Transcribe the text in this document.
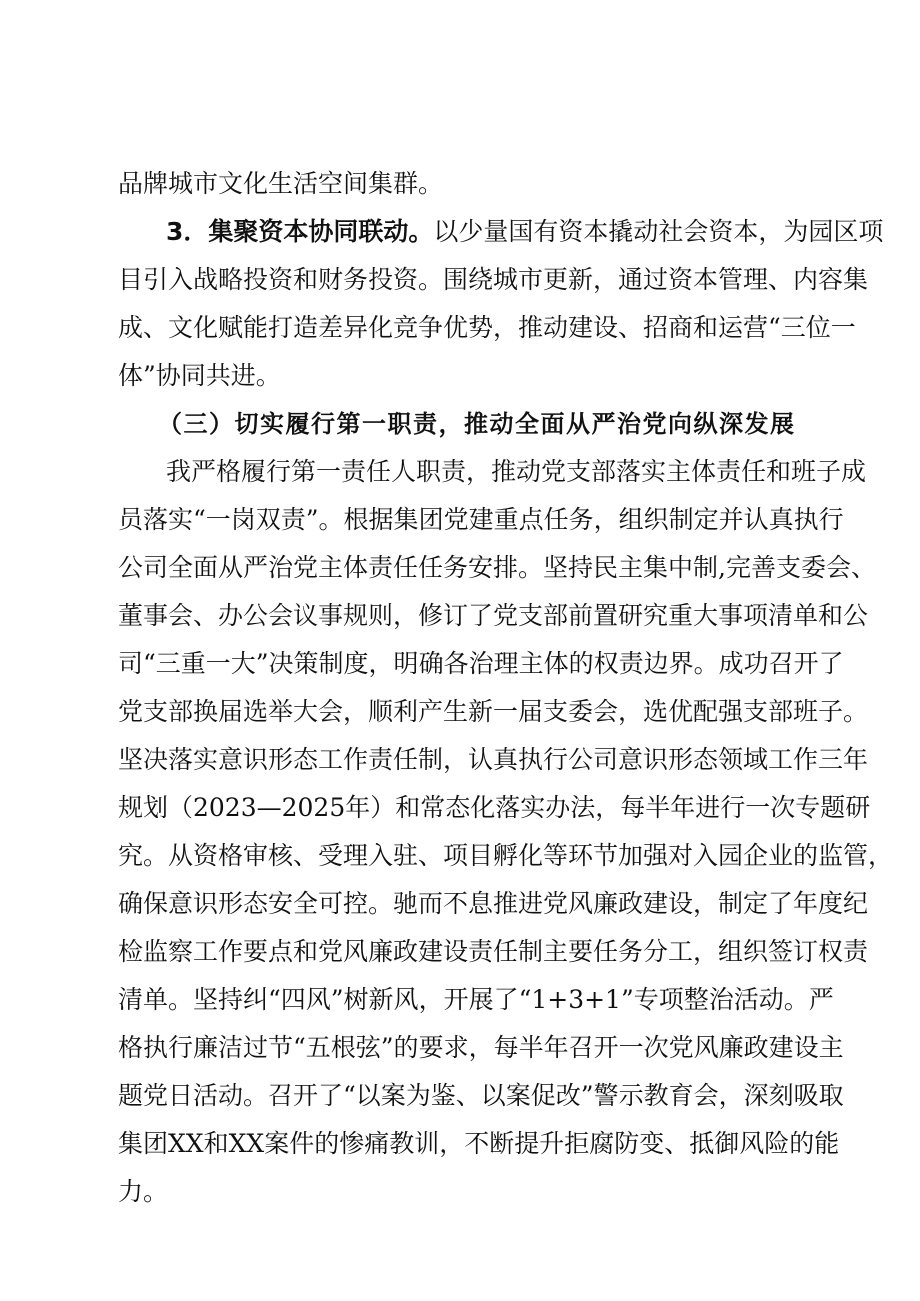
品牌城市文化生活空间集群。
3．集聚资本协同联动。以少量国有资本撬动社会资本，为园区项
目引入战略投资和财务投资。围绕城市更新，通过资本管理、内容集
成、文化赋能打造差异化竞争优势，推动建设、招商和运营“三位一
体”协同共进。
（三）切实履行第一职责，推动全面从严治党向纵深发展
我严格履行第一责任人职责，推动党支部落实主体责任和班子成
员落实“一岗双责”。根据集团党建重点任务，组织制定并认真执行
公司全面从严治党主体责任任务安排。坚持民主集中制,完善支委会、
董事会、办公会议事规则，修订了党支部前置研究重大事项清单和公
司“三重一大”决策制度，明确各治理主体的权责边界。成功召开了
党支部换届选举大会，顺利产生新一届支委会，选优配强支部班子。
坚决落实意识形态工作责任制，认真执行公司意识形态领域工作三年
规划（2023—2025年）和常态化落实办法，每半年进行一次专题研
究。从资格审核、受理入驻、项目孵化等环节加强对入园企业的监管，
确保意识形态安全可控。驰而不息推进党风廉政建设，制定了年度纪
检监察工作要点和党风廉政建设责任制主要任务分工，组织签订权责
清单。坚持纠“四风”树新风，开展了“1+3+1”专项整治活动。严
格执行廉洁过节“五根弦”的要求，每半年召开一次党风廉政建设主
题党日活动。召开了“以案为鉴、以案促改”警示教育会，深刻吸取
集团XX和XX案件的惨痛教训，不断提升拒腐防变、抵御风险的能
力。
